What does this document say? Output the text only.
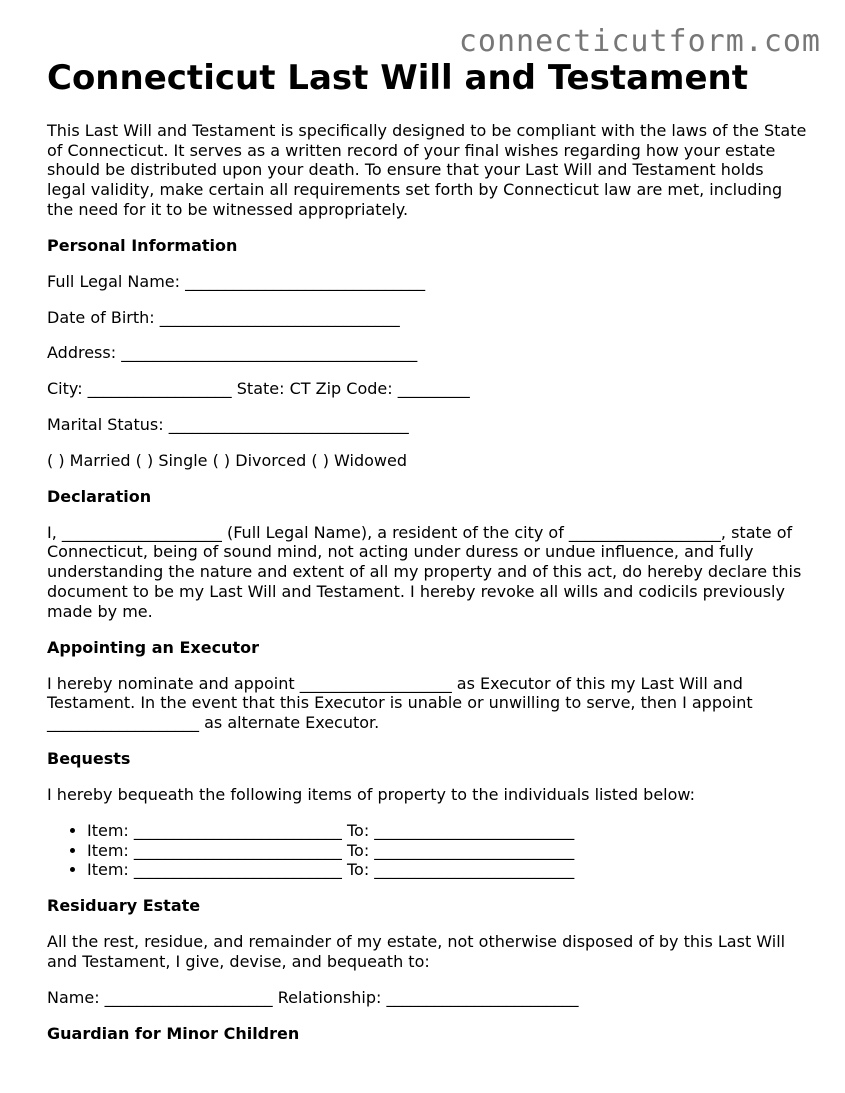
connecticutform.com
Connecticut Last Will and Testament

This Last Will and Testament is specifically designed to be compliant with the laws of the State of Connecticut. It serves as a written record of your final wishes regarding how your estate should be distributed upon your death. To ensure that your Last Will and Testament holds legal validity, make certain all requirements set forth by Connecticut law are met, including the need for it to be witnessed appropriately.

Personal Information

Full Legal Name: ______________________________

Date of Birth: ______________________________

Address: _____________________________________

City: __________________ State: CT Zip Code: _________

Marital Status: ______________________________

( ) Married ( ) Single ( ) Divorced ( ) Widowed

Declaration

I, ____________________ (Full Legal Name), a resident of the city of ___________________, state of Connecticut, being of sound mind, not acting under duress or undue influence, and fully understanding the nature and extent of all my property and of this act, do hereby declare this document to be my Last Will and Testament. I hereby revoke all wills and codicils previously made by me.

Appointing an Executor

I hereby nominate and appoint ___________________ as Executor of this my Last Will and Testament. In the event that this Executor is unable or unwilling to serve, then I appoint ___________________ as alternate Executor.

Bequests

I hereby bequeath the following items of property to the individuals listed below:

• Item: __________________________ To: _________________________
• Item: __________________________ To: _________________________
• Item: __________________________ To: _________________________
Residuary Estate

All the rest, residue, and remainder of my estate, not otherwise disposed of by this Last Will and Testament, I give, devise, and bequeath to:

Name: _____________________ Relationship: ________________________

Guardian for Minor Children
